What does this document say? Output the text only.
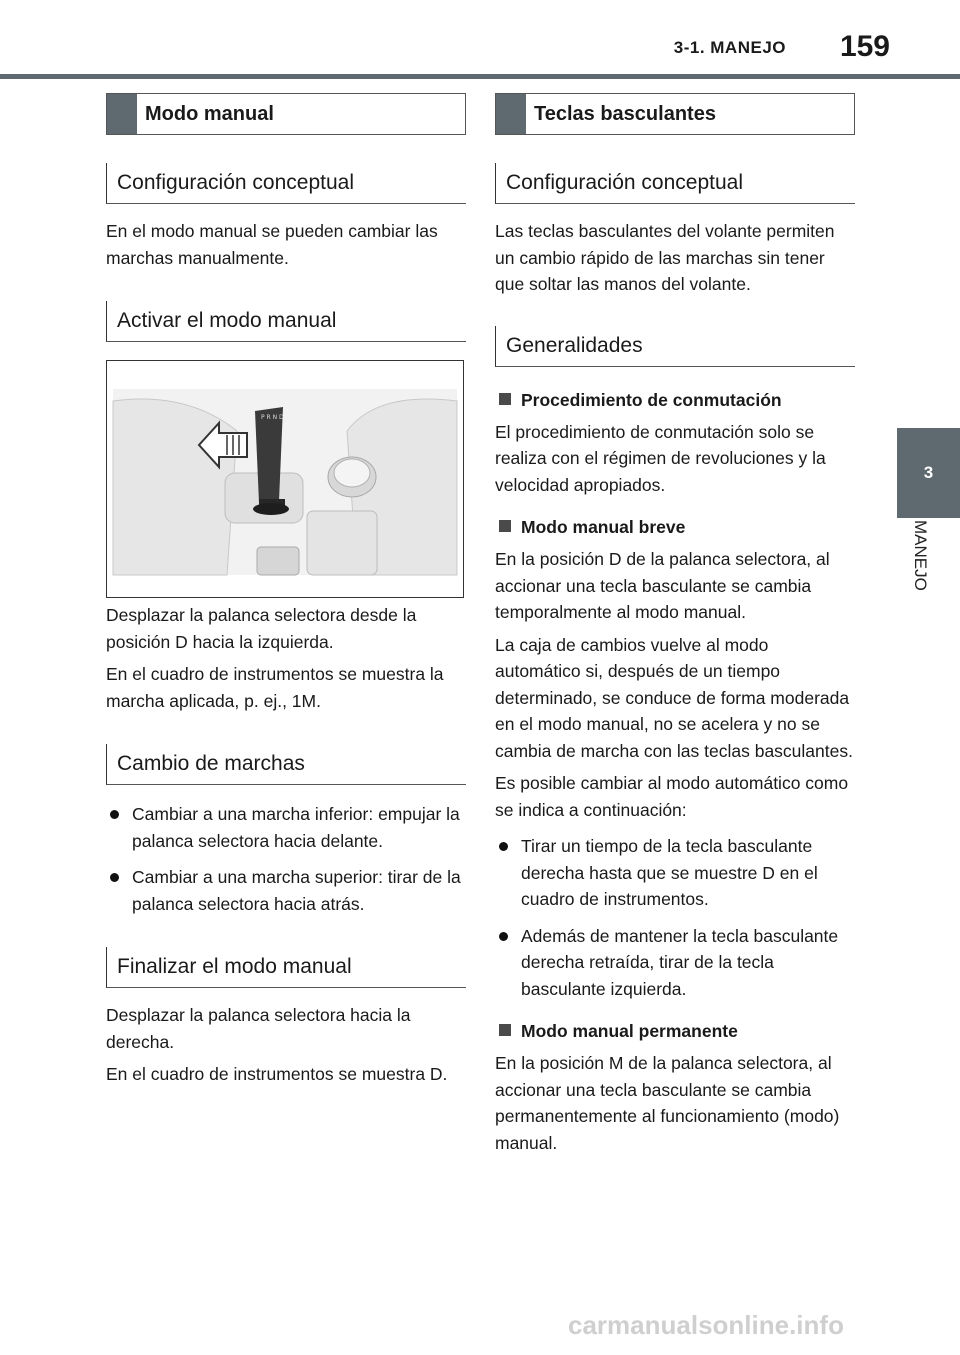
3-1. MANEJO	159
3
MANEJO
Modo manual
Configuración conceptual

En el modo manual se pueden cambiar las marchas manualmente.

Activar el modo manual
P R N D

Desplazar la palanca selectora desde la posición D hacia la izquierda.

En el cuadro de instrumentos se muestra la marcha aplicada, p. ej., 1M.

Cambio de marchas
Cambiar a una marcha inferior: empujar la palanca selectora hacia delante.
Cambiar a una marcha superior: tirar de la palanca selectora hacia atrás.
Finalizar el modo manual

Desplazar la palanca selectora hacia la derecha.

En el cuadro de instrumentos se muestra D.

Teclas basculantes
Configuración conceptual

Las teclas basculantes del volante permiten un cambio rápido de las marchas sin tener que soltar las manos del volante.

Generalidades
Procedimiento de conmutación

El procedimiento de conmutación solo se realiza con el régimen de revoluciones y la velocidad apropiados.

Modo manual breve

En la posición D de la palanca selectora, al accionar una tecla basculante se cambia temporalmente al modo manual.

La caja de cambios vuelve al modo automático si, después de un tiempo determinado, se conduce de forma moderada en el modo manual, no se acelera y no se cambia de marcha con las teclas basculantes.

Es posible cambiar al modo automático como se indica a continuación:

Tirar un tiempo de la tecla basculante derecha hasta que se muestre D en el cuadro de instrumentos.
Además de mantener la tecla basculante derecha retraída, tirar de la tecla basculante izquierda.
Modo manual permanente

En la posición M de la palanca selectora, al accionar una tecla basculante se cambia permanentemente al funcionamiento (modo) manual.

carmanualsonline.info
